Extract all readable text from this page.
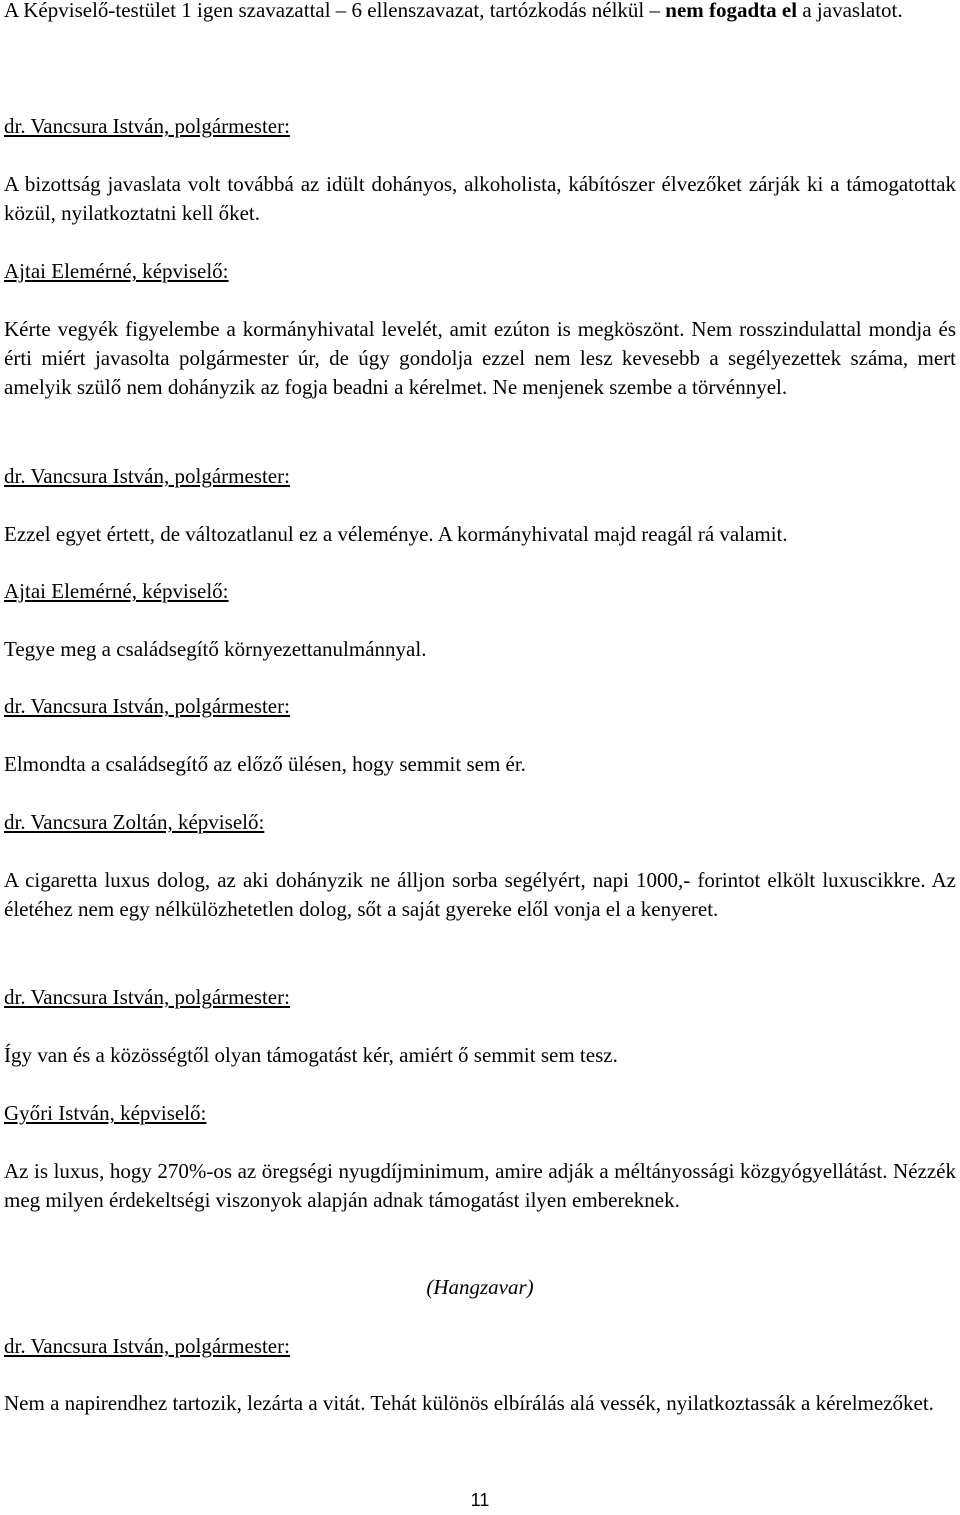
A Képviselő-testület 1 igen szavazattal – 6 ellenszavazat, tartózkodás nélkül – nem fogadta el a javaslatot.

dr. Vancsura István, polgármester:

A bizottság javaslata volt továbbá az idült dohányos, alkoholista, kábítószer élvezőket zárják ki a támogatottak közül, nyilatkoztatni kell őket.

Ajtai Elemérné, képviselő:

Kérte vegyék figyelembe a kormányhivatal levelét, amit ezúton is megköszönt. Nem rosszindulattal mondja és érti miért javasolta polgármester úr, de úgy gondolja ezzel nem lesz kevesebb a segélyezettek száma, mert amelyik szülő nem dohányzik az fogja beadni a kérelmet. Ne menjenek szembe a törvénnyel.

dr. Vancsura István, polgármester:

Ezzel egyet értett, de változatlanul ez a véleménye. A kormányhivatal majd reagál rá valamit.

Ajtai Elemérné, képviselő:

Tegye meg a családsegítő környezettanulmánnyal.

dr. Vancsura István, polgármester:

Elmondta a családsegítő az előző ülésen, hogy semmit sem ér.

dr. Vancsura Zoltán, képviselő:

A cigaretta luxus dolog, az aki dohányzik ne álljon sorba segélyért, napi 1000,- forintot elkölt luxuscikkre. Az életéhez nem egy nélkülözhetetlen dolog, sőt a saját gyereke elől vonja el a kenyeret.

dr. Vancsura István, polgármester:

Így van és a közösségtől olyan támogatást kér, amiért ő semmit sem tesz.

Győri István, képviselő:

Az is luxus, hogy 270%-os az öregségi nyugdíjminimum, amire adják a méltányossági közgyógyellátást. Nézzék meg milyen érdekeltségi viszonyok alapján adnak támogatást ilyen embereknek.

(Hangzavar)

dr. Vancsura István, polgármester:

Nem a napirendhez tartozik, lezárta a vitát. Tehát különös elbírálás alá vessék, nyilatkoztassák a kérelmezőket.

11
